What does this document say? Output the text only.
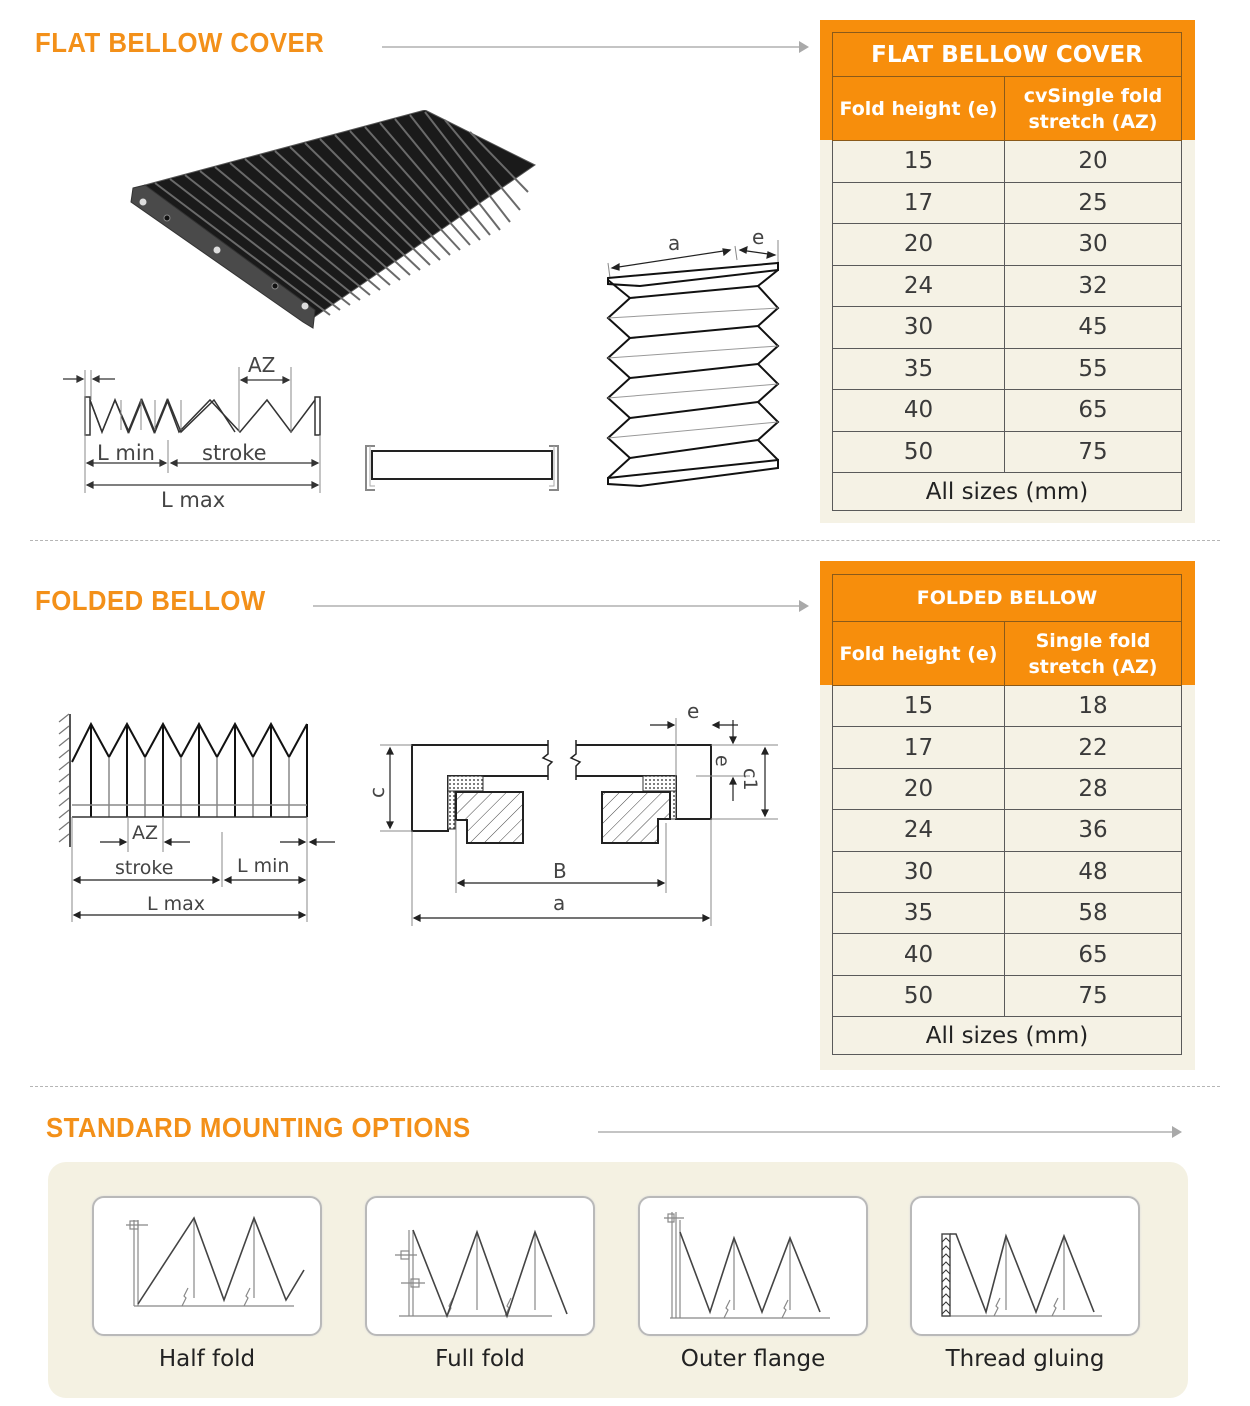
FLAT BELLOW COVER
AZ
L min stroke
L max
a	e
FLAT BELLOW COVER	
Fold height (e)	cvSingle fold
stretch (AZ)

15	20
17	25
20	30
24	32
30	45
35	55
40	65
50	75
All sizes (mm)	
FOLDED BELLOW
AZ
stroke	L min
L max
c
c1
e
e
B
a
FOLDED BELLOW	
Fold height (e)	Single fold
stretch (AZ)

15	18
17	22
20	28
24	36
30	48
35	58
40	65
50	75
All sizes (mm)	
STANDARD MOUNTING OPTIONS
Half fold	Full fold	Outer flange	Thread gluing
